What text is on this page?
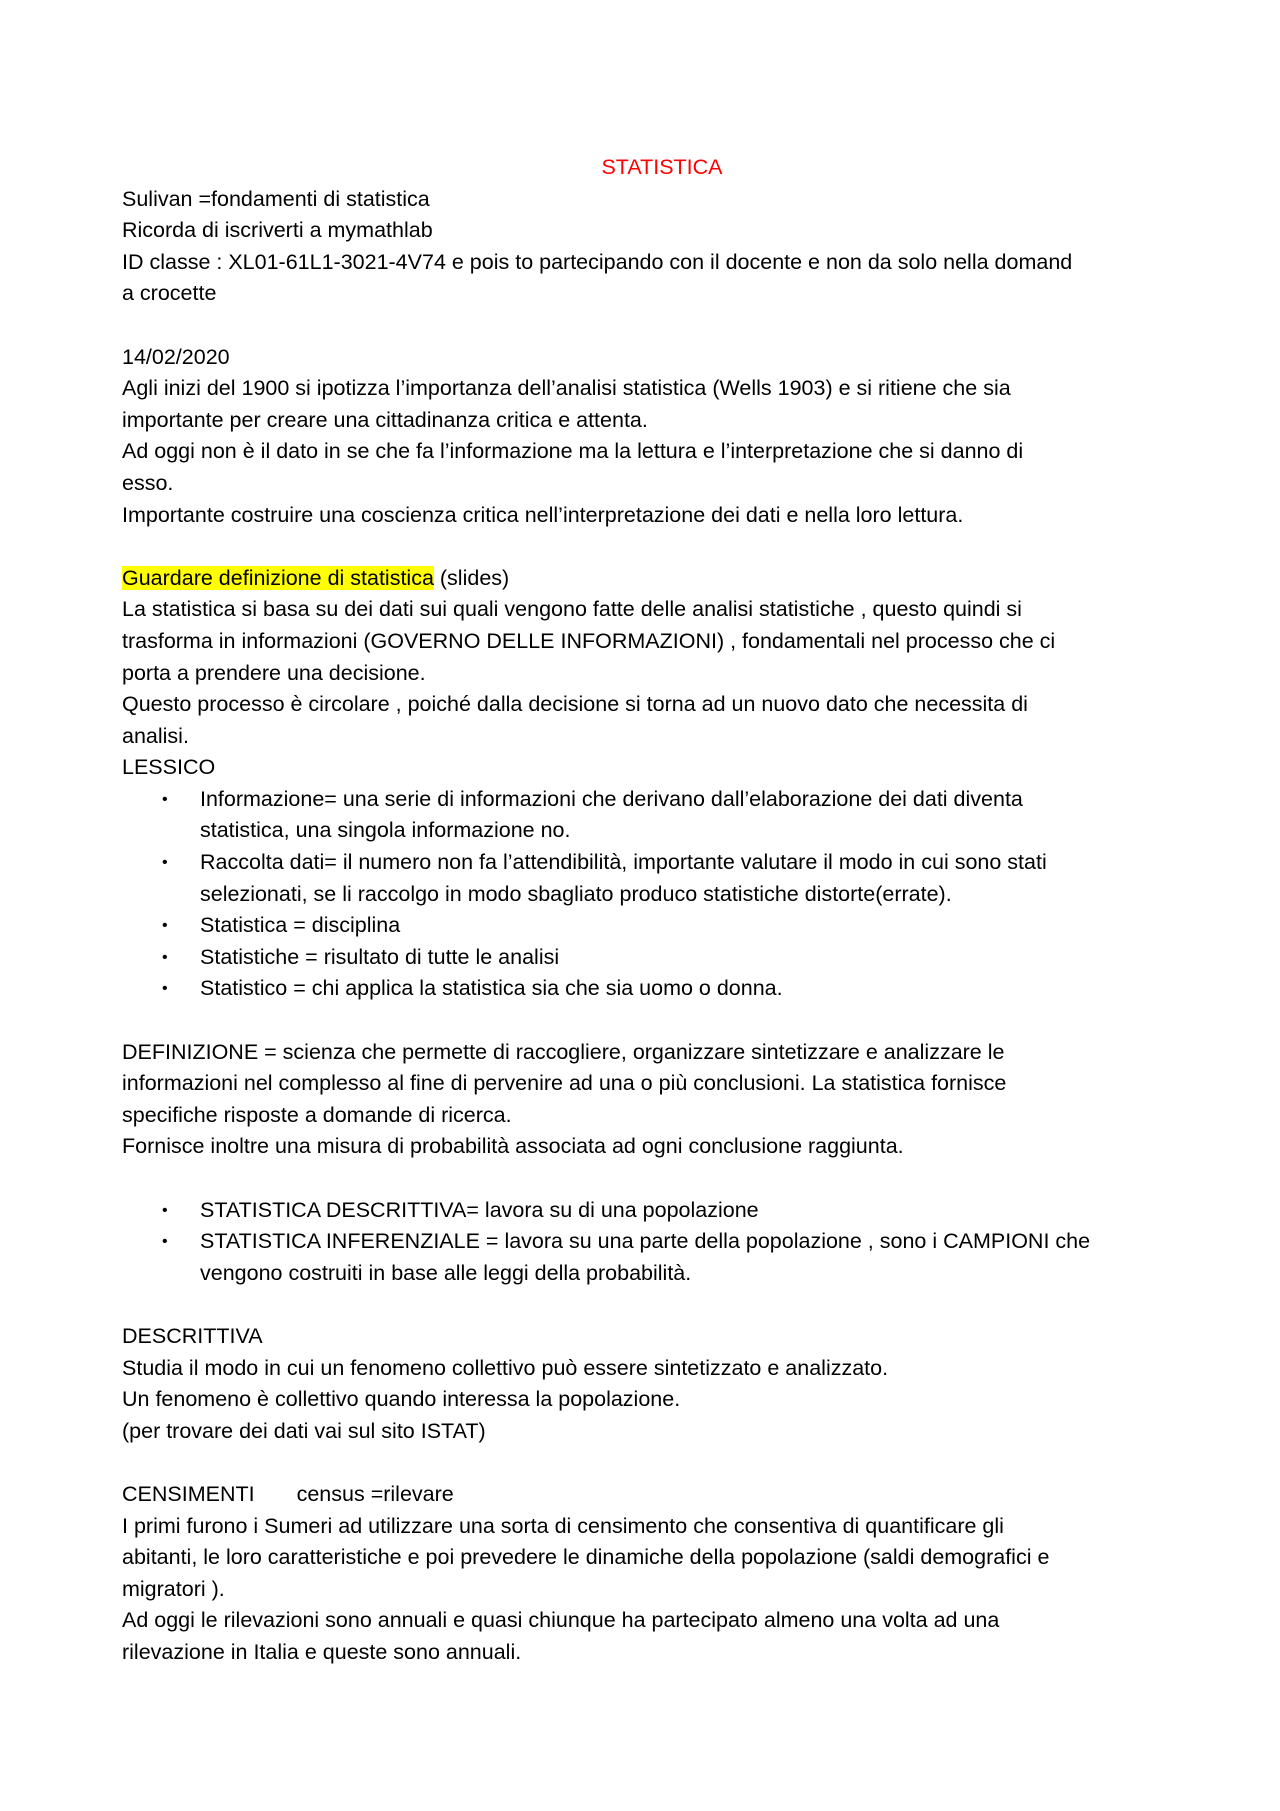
STATISTICA
Sulivan =fondamenti di statistica
Ricorda di iscriverti a mymathlab
ID classe : XL01-61L1-3021-4V74 e pois to partecipando con il docente e non da solo nella domand
a crocette
14/02/2020
Agli inizi del 1900 si ipotizza l’importanza dell’analisi statistica (Wells 1903) e si ritiene che sia
importante per creare una cittadinanza critica e attenta.
Ad oggi non è il dato in se che fa l’informazione ma la lettura e l’interpretazione che si danno di
esso.
Importante costruire una coscienza critica nell’interpretazione dei dati e nella loro lettura.
Guardare definizione di statistica (slides)
La statistica si basa su dei dati sui quali vengono fatte delle analisi statistiche , questo quindi si
trasforma in informazioni (GOVERNO DELLE INFORMAZIONI) , fondamentali nel processo che ci
porta a prendere una decisione.
Questo processo è circolare , poiché dalla decisione si torna ad un nuovo dato che necessita di
analisi.
LESSICO
• Informazione= una serie di informazioni che derivano dall’elaborazione dei dati diventa
statistica, una singola informazione no.
• Raccolta dati= il numero non fa l’attendibilità, importante valutare il modo in cui sono stati
selezionati, se li raccolgo in modo sbagliato produco statistiche distorte(errate).
• Statistica = disciplina
• Statistiche = risultato di tutte le analisi
• Statistico = chi applica la statistica sia che sia uomo o donna.
DEFINIZIONE = scienza che permette di raccogliere, organizzare sintetizzare e analizzare le
informazioni nel complesso al fine di pervenire ad una o più conclusioni. La statistica fornisce
specifiche risposte a domande di ricerca.
Fornisce inoltre una misura di probabilità associata ad ogni conclusione raggiunta.
• STATISTICA DESCRITTIVA= lavora su di una popolazione
• STATISTICA INFERENZIALE = lavora su una parte della popolazione , sono i CAMPIONI che
vengono costruiti in base alle leggi della probabilità.
DESCRITTIVA
Studia il modo in cui un fenomeno collettivo può essere sintetizzato e analizzato.
Un fenomeno è collettivo quando interessa la popolazione.
(per trovare dei dati vai sul sito ISTAT)
CENSIMENTI census =rilevare
I primi furono i Sumeri ad utilizzare una sorta di censimento che consentiva di quantificare gli
abitanti, le loro caratteristiche e poi prevedere le dinamiche della popolazione (saldi demografici e
migratori ).
Ad oggi le rilevazioni sono annuali e quasi chiunque ha partecipato almeno una volta ad una
rilevazione in Italia e queste sono annuali.
